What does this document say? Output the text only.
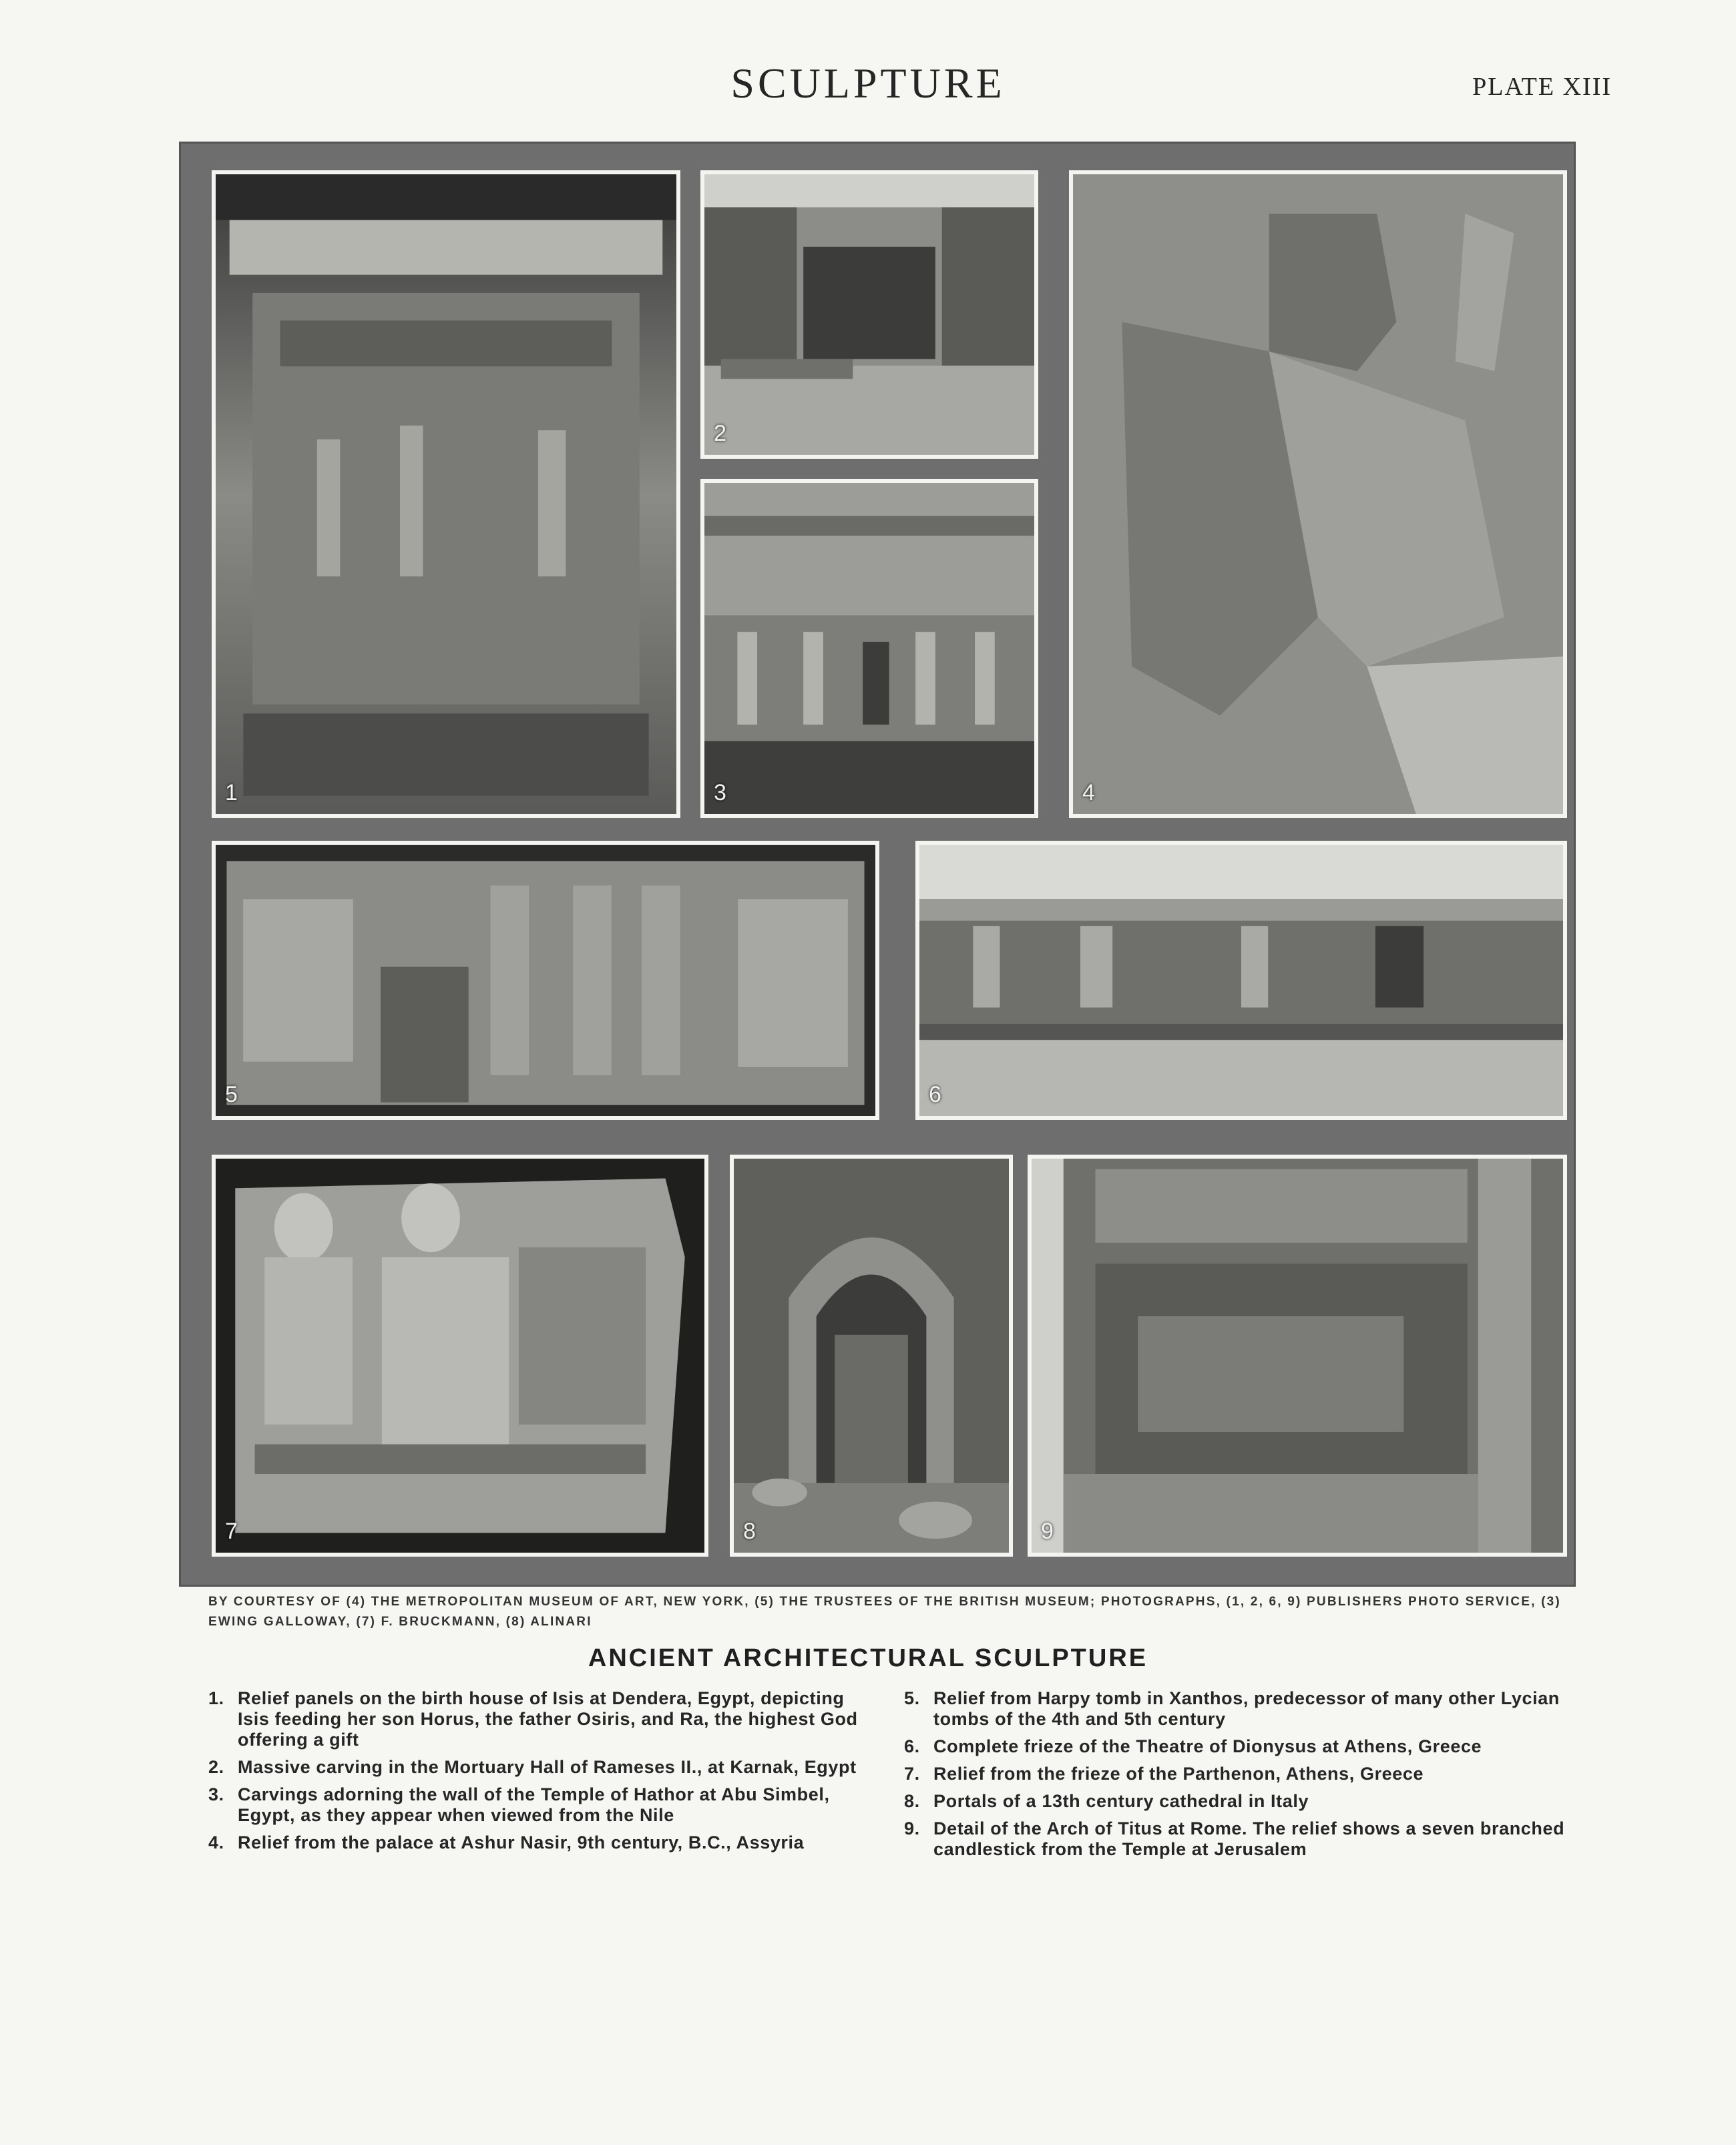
SCULPTURE	PLATE XIII
1
2
3	4
5	6
7	8	9
BY COURTESY OF (4) THE METROPOLITAN MUSEUM OF ART, NEW YORK, (5) THE TRUSTEES OF THE BRITISH MUSEUM; PHOTOGRAPHS, (1, 2, 6, 9) PUBLISHERS PHOTO SERVICE, (3)
EWING GALLOWAY, (7) F. BRUCKMANN, (8) ALINARI
ANCIENT ARCHITECTURAL SCULPTURE
1. Relief panels on the birth house of Isis at Dendera, Egypt, depicting Isis feeding her son Horus, the father Osiris, and Ra, the highest God offering a gift
2. Massive carving in the Mortuary Hall of Rameses II., at Karnak, Egypt
3. Carvings adorning the wall of the Temple of Hathor at Abu Simbel, Egypt, as they appear when viewed from the Nile
4. Relief from the palace at Ashur Nasir, 9th century, B.C., Assyria
5. Relief from Harpy tomb in Xanthos, predecessor of many other Lycian tombs of the 4th and 5th century
6. Complete frieze of the Theatre of Dionysus at Athens, Greece
7. Relief from the frieze of the Parthenon, Athens, Greece
8. Portals of a 13th century cathedral in Italy
9. Detail of the Arch of Titus at Rome. The relief shows a seven branched candlestick from the Temple at Jerusalem
